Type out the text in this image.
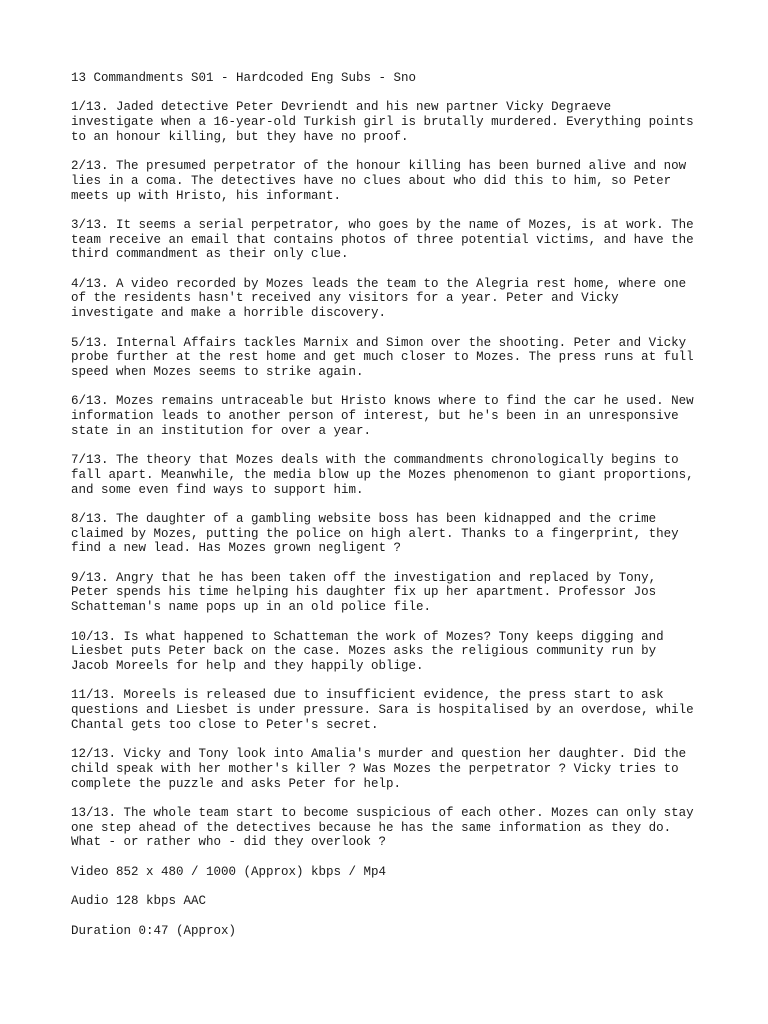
13 Commandments S01 - Hardcoded Eng Subs - Sno

1/13. Jaded detective Peter Devriendt and his new partner Vicky Degraeve
investigate when a 16-year-old Turkish girl is brutally murdered. Everything points
to an honour killing, but they have no proof.

2/13. The presumed perpetrator of the honour killing has been burned alive and now
lies in a coma. The detectives have no clues about who did this to him, so Peter
meets up with Hristo, his informant.

3/13. It seems a serial perpetrator, who goes by the name of Mozes, is at work. The
team receive an email that contains photos of three potential victims, and have the
third commandment as their only clue.

4/13. A video recorded by Mozes leads the team to the Alegria rest home, where one
of the residents hasn't received any visitors for a year. Peter and Vicky
investigate and make a horrible discovery.

5/13. Internal Affairs tackles Marnix and Simon over the shooting. Peter and Vicky
probe further at the rest home and get much closer to Mozes. The press runs at full
speed when Mozes seems to strike again.

6/13. Mozes remains untraceable but Hristo knows where to find the car he used. New
information leads to another person of interest, but he's been in an unresponsive
state in an institution for over a year.

7/13. The theory that Mozes deals with the commandments chronologically begins to
fall apart. Meanwhile, the media blow up the Mozes phenomenon to giant proportions,
and some even find ways to support him.

8/13. The daughter of a gambling website boss has been kidnapped and the crime
claimed by Mozes, putting the police on high alert. Thanks to a fingerprint, they
find a new lead. Has Mozes grown negligent ?

9/13. Angry that he has been taken off the investigation and replaced by Tony,
Peter spends his time helping his daughter fix up her apartment. Professor Jos
Schatteman's name pops up in an old police file.

10/13. Is what happened to Schatteman the work of Mozes? Tony keeps digging and
Liesbet puts Peter back on the case. Mozes asks the religious community run by
Jacob Moreels for help and they happily oblige.

11/13. Moreels is released due to insufficient evidence, the press start to ask
questions and Liesbet is under pressure. Sara is hospitalised by an overdose, while
Chantal gets too close to Peter's secret.

12/13. Vicky and Tony look into Amalia's murder and question her daughter. Did the
child speak with her mother's killer ? Was Mozes the perpetrator ? Vicky tries to
complete the puzzle and asks Peter for help.

13/13. The whole team start to become suspicious of each other. Mozes can only stay
one step ahead of the detectives because he has the same information as they do.
What - or rather who - did they overlook ?

Video 852 x 480 / 1000 (Approx) kbps / Mp4

Audio 128 kbps AAC

Duration 0:47 (Approx)
